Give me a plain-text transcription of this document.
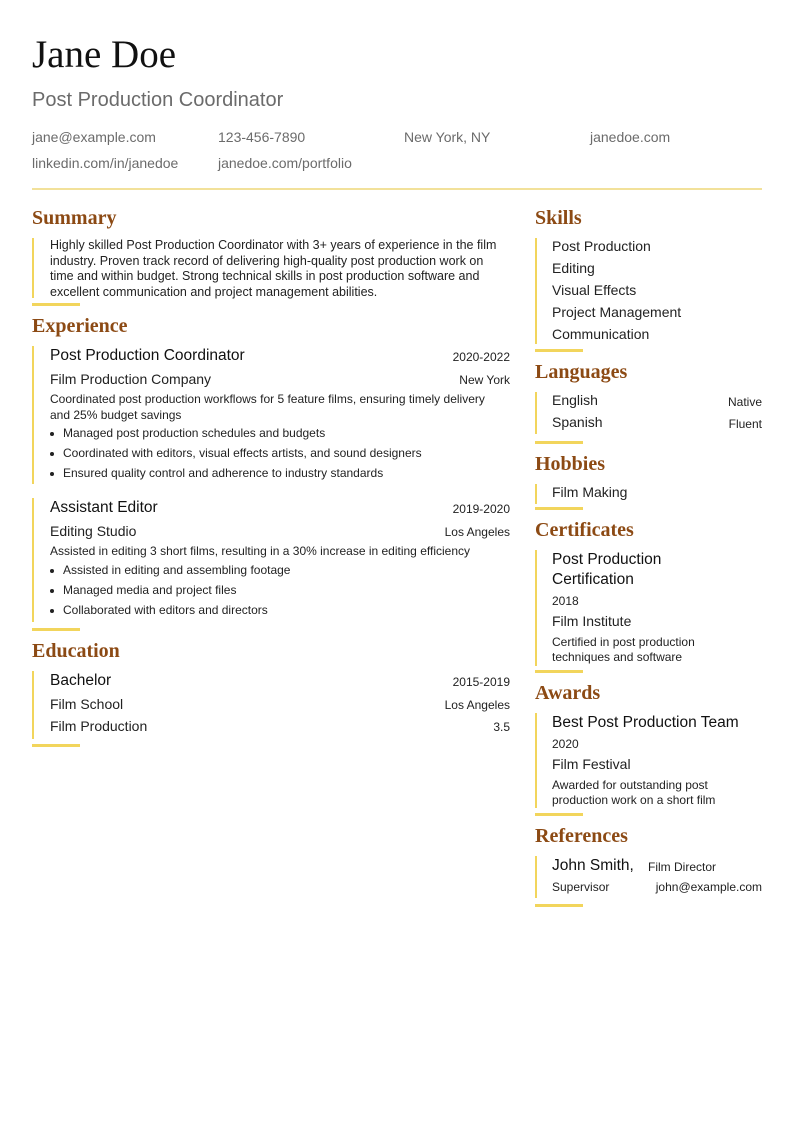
Jane Doe
Post Production Coordinator
jane@example.com	123-456-7890	New York, NY	janedoe.com
linkedin.com/in/janedoe	janedoe.com/portfolio
Summary
Highly skilled Post Production Coordinator with 3+ years of experience in the film industry. Proven track record of delivering high-quality post production work on time and within budget. Strong technical skills in post production software and excellent communication and project management abilities.
Experience
Post Production Coordinator	2020-2022
Film Production Company	New York
Coordinated post production workflows for 5 feature films, ensuring timely delivery and 25% budget savings
Managed post production schedules and budgets
Coordinated with editors, visual effects artists, and sound designers
Ensured quality control and adherence to industry standards
Assistant Editor	2019-2020
Editing Studio	Los Angeles
Assisted in editing 3 short films, resulting in a 30% increase in editing efficiency
Assisted in editing and assembling footage
Managed media and project files
Collaborated with editors and directors
Education
Bachelor	2015-2019
Film School	Los Angeles
Film Production	3.5
Skills
Post Production
Editing
Visual Effects
Project Management
Communication
Languages
English	Native
Spanish	Fluent
Hobbies
Film Making
Certificates
Post Production
Certification
2018
Film Institute
Certified in post production
techniques and software
Awards
Best Post Production Team
2020
Film Festival
Awarded for outstanding post
production work on a short film
References
John Smith, Film Director
Supervisor	john@example.com
